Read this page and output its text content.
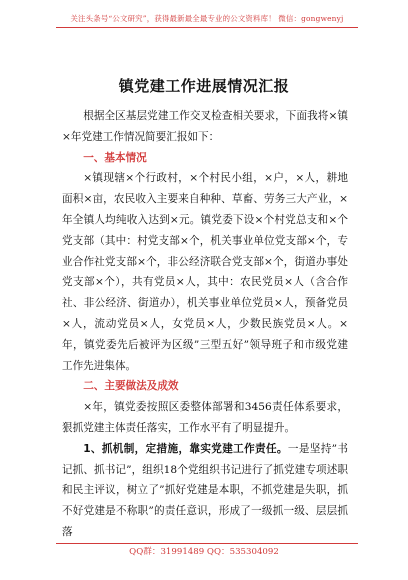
关注头条号“公文研究”，获得最新最全最专业的公文资料库！ 微信：gongwenyj
镇党建工作进展情况汇报

根据全区基层党建工作交叉检查相关要求，下面我将×镇×年党建工作情况简要汇报如下：

一、基本情况

×镇现辖×个行政村，×个村民小组，×户，×人，耕地面积×亩，农民收入主要来自种种、草畜、劳务三大产业，×年全镇人均纯收入达到×元。镇党委下设×个村党总支和×个党支部（其中：村党支部×个，机关事业单位党支部×个，专业合作社党支部×个，非公经济联合党支部×个，街道办事处党支部×个），共有党员×人，其中：农民党员×人（含合作社、非公经济、街道办），机关事业单位党员×人，预备党员×人，流动党员×人，女党员×人，少数民族党员×人。×年，镇党委先后被评为区级”三型五好”领导班子和市级党建工作先进集体。

二、主要做法及成效

×年，镇党委按照区委整体部署和3456责任体系要求，狠抓党建主体责任落实，工作水平有了明显提升。

1、抓机制，定措施，靠实党建工作责任。一是坚持”书记抓、抓书记”，组织18个党组织书记进行了抓党建专项述职和民主评议，树立了”抓好党建是本职，不抓党建是失职，抓不好党建是不称职”的责任意识，形成了一级抓一级、层层抓落

QQ群：31991489 QQ：535304092
